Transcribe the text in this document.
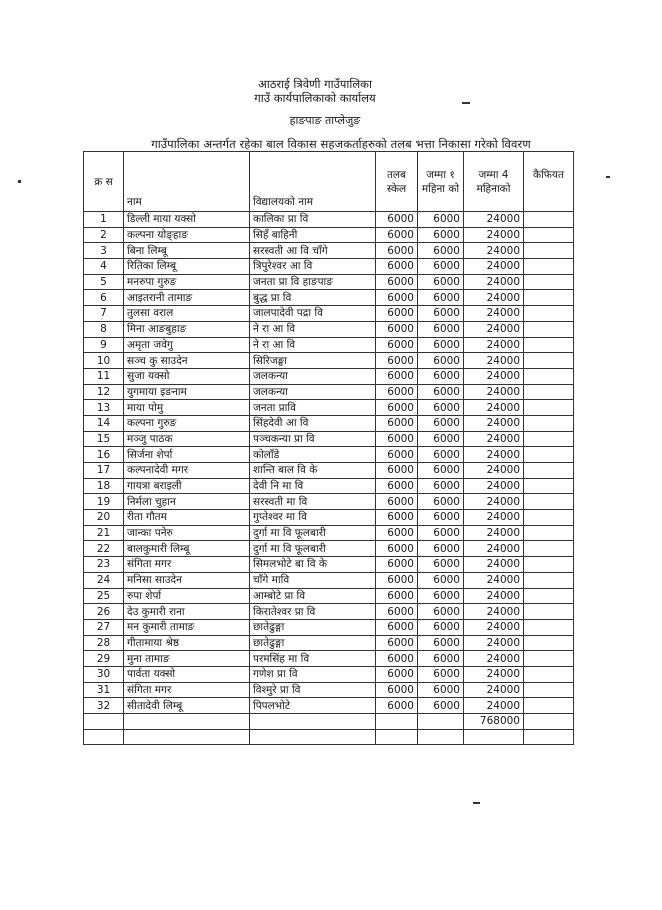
आठराई त्रिवेणी गाउँपालिका
गाउँ कार्यपालिकाको कार्यालय
हाङपाङ ताप्लेजुङ
गाउँपालिका अन्तर्गत रहेका बाल विकास सहजकर्ताहरुको तलब भत्ता निकासा गरेको विवरण
क्र स	नाम	विद्यालयको नाम	तलब स्केल	जम्मा १ महिना को	जम्मा 4 महिनाको	कैफियत
1	डिल्ली माया यक्सो	कालिका प्रा वि	6000	6000	24000	
2	कल्पना योङ्हाङ	सिहँ बाहिनी	6000	6000	24000	
3	बिना लिम्बू	सरस्वती आ वि चाँगे	6000	6000	24000	
4	रितिका लिम्बू	त्रिपुरेश्वर आ वि	6000	6000	24000	
5	मनरुपा गुरुङ	जनता प्रा वि हाङपाङ	6000	6000	24000	
6	आइतरानी तामाङ	बुद्ध प्रा वि	6000	6000	24000	
7	तुलसा वराल	जालपादेवी पद्रा वि	6000	6000	24000	
8	मिना आङबुहाङ	ने रा आ वि	6000	6000	24000	
9	अमृता जवेगु	ने रा आ वि	6000	6000	24000	
10	सञ्च कु साउदेन	सिरिजङ्घा	6000	6000	24000	
11	सुजा यक्सो	जलकन्या	6000	6000	24000	
12	युगमाया इङनाम	जलकन्या	6000	6000	24000	
13	माया पोमु	जनता प्रावि	6000	6000	24000	
14	कल्पना गुरुङ	सिंहदेवी आ वि	6000	6000	24000	
15	मञ्जु पाठक	पञ्चकन्या प्रा वि	6000	6000	24000	
16	सिर्जना शेर्पा	कोलाँडे	6000	6000	24000	
17	कल्पनादेवी मगर	शान्ति बाल वि के	6000	6000	24000	
18	गायत्रा बराइली	देवी नि मा वि	6000	6000	24000	
19	निर्मला चुहान	सरस्वती मा वि	6000	6000	24000	
20	रीता गौतम	गुप्तेश्वर मा वि	6000	6000	24000	
21	जान्का पनेरु	दुर्गा मा वि फूलबारी	6000	6000	24000	
22	बालकुमारी लिम्बू	दुर्गा मा वि फूलबारी	6000	6000	24000	
23	संगिता मगर	सिमलभोटे बा वि के	6000	6000	24000	
24	मनिसा साउदेन	चाँगे मावि	6000	6000	24000	
25	रुपा शेर्पा	आम्बोटे प्रा वि	6000	6000	24000	
26	देउ कुमारी राना	किरातेश्वर प्रा वि	6000	6000	24000	
27	मन कुमारी तामाङ	छातेढुङ्गा	6000	6000	24000	
28	गीतामाया श्रेष्ठ	छातेढुङ्गा	6000	6000	24000	
29	मुना तामाङ	परमसिंह मा वि	6000	6000	24000	
30	पार्वता यक्सो	गणेश प्रा वि	6000	6000	24000	
31	संगिता मगर	विश्मुरे प्रा वि	6000	6000	24000	
32	सीतादेवी लिम्बू	पिपलभोटे	6000	6000	24000	
					768000	
